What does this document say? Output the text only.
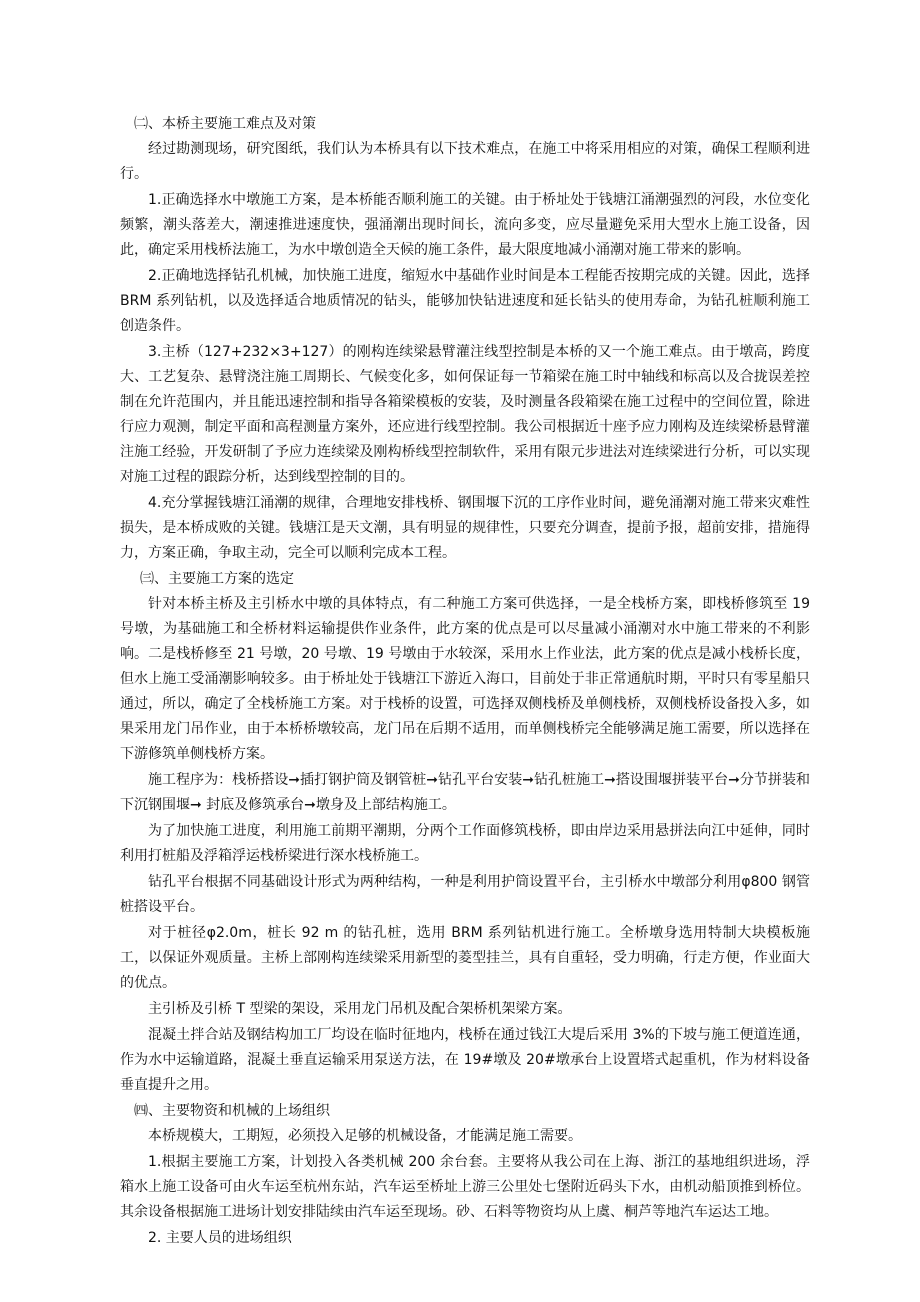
㈡、本桥主要施工难点及对策

经过勘测现场，研究图纸，我们认为本桥具有以下技术难点，在施工中将采用相应的对策，确保工程顺利进行。

1.正确选择水中墩施工方案，是本桥能否顺利施工的关键。由于桥址处于钱塘江涌潮强烈的河段，水位变化频繁，潮头落差大，潮速推进速度快，强涌潮出现时间长，流向多变，应尽量避免采用大型水上施工设备，因此，确定采用栈桥法施工，为水中墩创造全天候的施工条件，最大限度地减小涌潮对施工带来的影响。

2.正确地选择钻孔机械，加快施工进度，缩短水中基础作业时间是本工程能否按期完成的关键。因此，选择 BRM 系列钻机，以及选择适合地质情况的钻头，能够加快钻进速度和延长钻头的使用寿命，为钻孔桩顺利施工创造条件。

3.主桥（127+232×3+127）的刚构连续梁悬臂灌注线型控制是本桥的又一个施工难点。由于墩高，跨度大、工艺复杂、悬臂浇注施工周期长、气候变化多，如何保证每一节箱梁在施工时中轴线和标高以及合拢误差控制在允许范围内，并且能迅速控制和指导各箱梁模板的安装，及时测量各段箱梁在施工过程中的空间位置，除进行应力观测，制定平面和高程测量方案外，还应进行线型控制。我公司根据近十座予应力刚构及连续梁桥悬臂灌注施工经验，开发研制了予应力连续梁及刚构桥线型控制软件，采用有限元步进法对连续梁进行分析，可以实现对施工过程的跟踪分析，达到线型控制的目的。

4.充分掌握钱塘江涌潮的规律，合理地安排栈桥、钢围堰下沉的工序作业时间，避免涌潮对施工带来灾难性损失，是本桥成败的关键。钱塘江是天文潮，具有明显的规律性，只要充分调查，提前予报，超前安排，措施得力，方案正确，争取主动，完全可以顺利完成本工程。

㈢、主要施工方案的选定

针对本桥主桥及主引桥水中墩的具体特点，有二种施工方案可供选择，一是全栈桥方案，即栈桥修筑至 19 号墩，为基础施工和全桥材料运输提供作业条件，此方案的优点是可以尽量减小涌潮对水中施工带来的不利影响。二是栈桥修至 21 号墩，20 号墩、19 号墩由于水较深，采用水上作业法，此方案的优点是减小栈桥长度，但水上施工受涌潮影响较多。由于桥址处于钱塘江下游近入海口，目前处于非正常通航时期，平时只有零星船只通过，所以，确定了全栈桥施工方案。对于栈桥的设置，可选择双侧栈桥及单侧栈桥，双侧栈桥设备投入多，如果采用龙门吊作业，由于本桥桥墩较高，龙门吊在后期不适用，而单侧栈桥完全能够满足施工需要，所以选择在下游修筑单侧栈桥方案。

施工程序为：栈桥搭设➞插打钢护筒及钢管桩➞钻孔平台安装➞钻孔桩施工➞搭设围堰拼装平台➞分节拼装和下沉钢围堰➞ 封底及修筑承台➞墩身及上部结构施工。

为了加快施工进度，利用施工前期平潮期，分两个工作面修筑栈桥，即由岸边采用悬拼法向江中延伸，同时利用打桩船及浮箱浮运栈桥梁进行深水栈桥施工。

钻孔平台根据不同基础设计形式为两种结构，一种是利用护筒设置平台，主引桥水中墩部分利用φ800 钢管桩搭设平台。

对于桩径φ2.0m，桩长 92 m 的钻孔桩，选用 BRM 系列钻机进行施工。全桥墩身选用特制大块模板施工，以保证外观质量。主桥上部刚构连续梁采用新型的菱型挂兰，具有自重轻，受力明确，行走方便，作业面大的优点。

主引桥及引桥 T 型梁的架设，采用龙门吊机及配合架桥机架梁方案。

混凝土拌合站及钢结构加工厂均设在临时征地内，栈桥在通过钱江大堤后采用 3%的下坡与施工便道连通，作为水中运输道路，混凝土垂直运输采用泵送方法，在 19#墩及 20#墩承台上设置塔式起重机，作为材料设备垂直提升之用。

㈣、主要物资和机械的上场组织

本桥规模大，工期短，必须投入足够的机械设备，才能满足施工需要。

1.根据主要施工方案，计划投入各类机械 200 余台套。主要将从我公司在上海、浙江的基地组织进场，浮箱水上施工设备可由火车运至杭州东站，汽车运至桥址上游三公里处七堡附近码头下水，由机动船顶推到桥位。其余设备根据施工进场计划安排陆续由汽车运至现场。砂、石料等物资均从上虞、桐芦等地汽车运达工地。

2. 主要人员的进场组织
